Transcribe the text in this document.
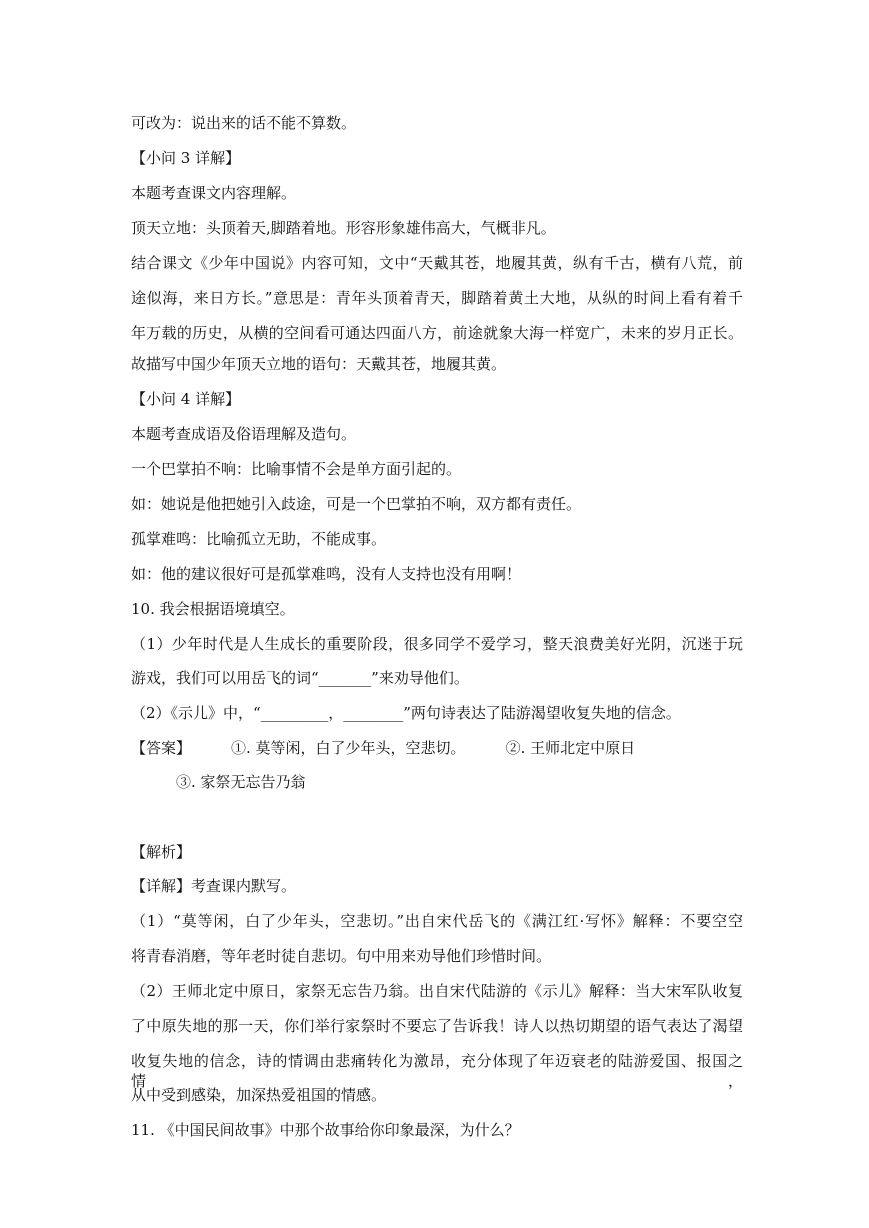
可改为：说出来的话不能不算数。
【小问 3 详解】
本题考查课文内容理解。
顶天立地：头顶着天,脚踏着地。形容形象雄伟高大，气概非凡。
结合课文《少年中国说》内容可知，文中“天戴其苍，地履其黄，纵有千古，横有八荒，前
途似海，来日方长。”意思是：青年头顶着青天，脚踏着黄土大地，从纵的时间上看有着千
年万载的历史，从横的空间看可通达四面八方，前途就象大海一样宽广，未来的岁月正长。
故描写中国少年顶天立地的语句：天戴其苍，地履其黄。
【小问 4 详解】
本题考查成语及俗语理解及造句。
一个巴掌拍不响：比喻事情不会是单方面引起的。
如：她说是他把她引入歧途，可是一个巴掌拍不响，双方都有责任。
孤掌难鸣：比喻孤立无助，不能成事。
如：他的建议很好可是孤掌难鸣，没有人支持也没有用啊！
10. 我会根据语境填空。
（1）少年时代是人生成长的重要阶段，很多同学不爱学习，整天浪费美好光阴，沉迷于玩
游戏，我们可以用岳飞的词“_______”来劝导他们。
（2）《示儿》中，“_________，________”两句诗表达了陆游渴望收复失地的信念。
【答案】	①. 莫等闲，白了少年头，空悲切。	②. 王师北定中原日
③. 家祭无忘告乃翁
【解析】
【详解】考查课内默写。
（1）“莫等闲，白了少年头，空悲切。”出自宋代岳飞的《满江红·写怀》解释：不要空空
将青春消磨，等年老时徒自悲切。句中用来劝导他们珍惜时间。
（2）王师北定中原日，家祭无忘告乃翁。出自宋代陆游的《示儿》解释：当大宋军队收复
了中原失地的那一天，你们举行家祭时不要忘了告诉我！诗人以热切期望的语气表达了渴望
收复失地的信念，诗的情调由悲痛转化为激昂，充分体现了年迈衰老的陆游爱国、报国之情，
从中受到感染，加深热爱祖国的情感。
11. 《中国民间故事》中那个故事给你印象最深，为什么？
